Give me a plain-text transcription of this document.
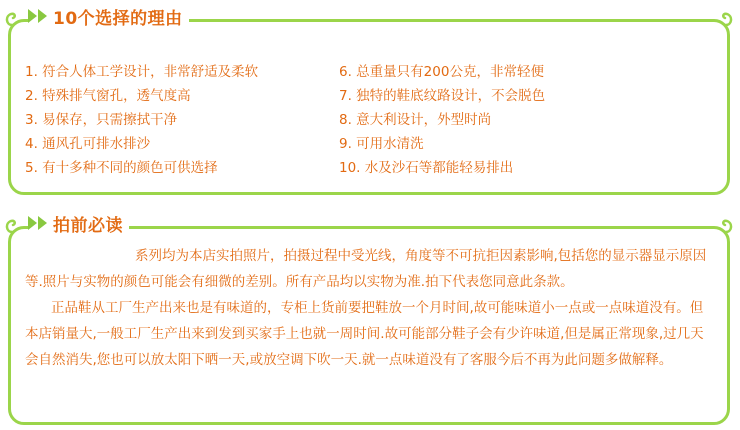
1. 符合人体工学设计，非常舒适及柔软
2. 特殊排气窗孔，透气度高
3. 易保存，只需擦拭干净
4. 通风孔可排水排沙
5. 有十多种不同的颜色可供选择
6. 总重量只有200公克，非常轻便
7. 独特的鞋底纹路设计，不会脱色
8. 意大利设计，外型时尚
9. 可用水清洗
10. 水及沙石等都能轻易排出
10个选择的理由

系列均为本店实拍照片，拍摄过程中受光线，角度等不可抗拒因素影响,包括您的显示器显示原因等.照片与实物的颜色可能会有细微的差别。所有产品均以实物为准.拍下代表您同意此条款。

正品鞋从工厂生产出来也是有味道的，专柜上货前要把鞋放一个月时间,故可能味道小一点或一点味道没有。但本店销量大,一般工厂生产出来到发到买家手上也就一周时间.故可能部分鞋子会有少许味道,但是属正常现象,过几天会自然消失,您也可以放太阳下晒一天,或放空调下吹一天.就一点味道没有了客服今后不再为此问题多做解释。

拍前必读
